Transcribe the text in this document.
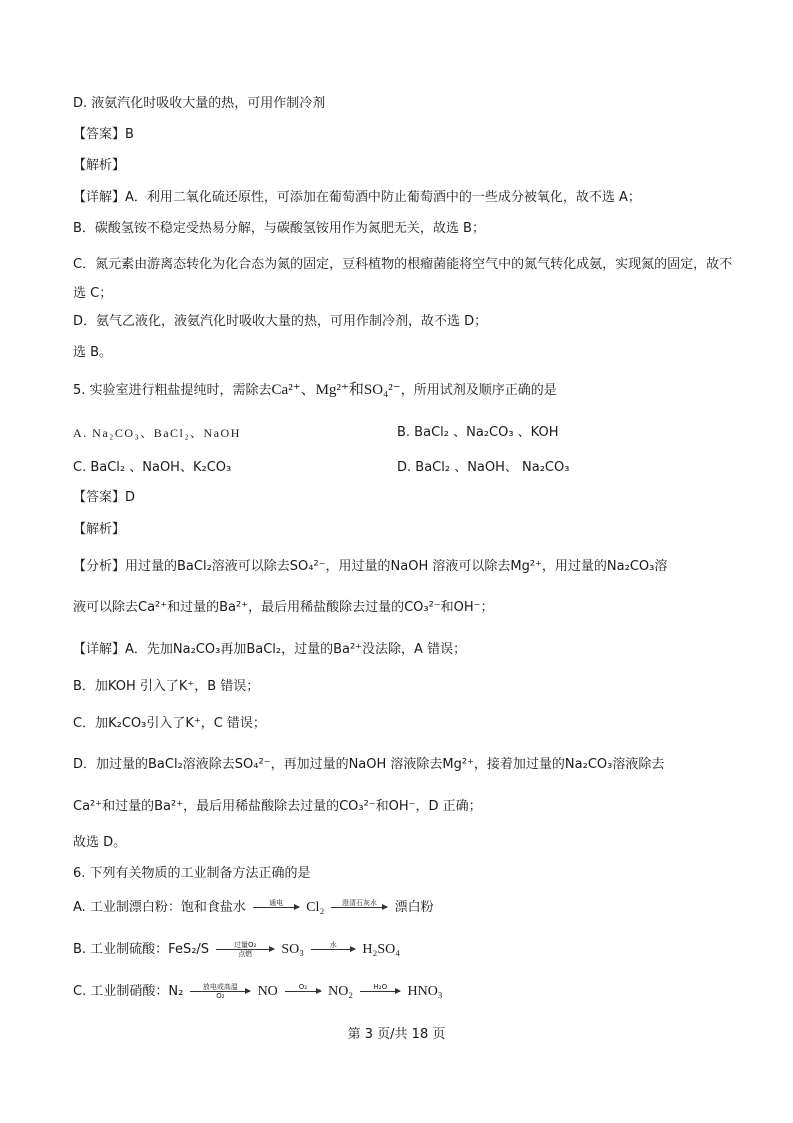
D. 液氨汽化时吸收大量的热，可用作制冷剂
【答案】B
【解析】
【详解】A．利用二氧化硫还原性，可添加在葡萄酒中防止葡萄酒中的一些成分被氧化，故不选 A；
B．碳酸氢铵不稳定受热易分解，与碳酸氢铵用作为氮肥无关，故选 B；
C．氮元素由游离态转化为化合态为氮的固定，豆科植物的根瘤菌能将空气中的氮气转化成氨，实现氮的固定，故不选 C；
D．氨气乙液化，液氨汽化时吸收大量的热，可用作制冷剂，故不选 D；
选 B。
5. 实验室进行粗盐提纯时，需除去Ca²⁺、Mg²⁺和SO₄²⁻，所用试剂及顺序正确的是
A. Na₂CO₃、BaCl₂、NaOH	B. BaCl₂ 、Na₂CO₃ 、KOH
C. BaCl₂ 、NaOH、K₂CO₃	D. BaCl₂ 、NaOH、 Na₂CO₃
【答案】D
【解析】
【分析】用过量的BaCl₂溶液可以除去SO₄²⁻，用过量的NaOH 溶液可以除去Mg²⁺，用过量的Na₂CO₃溶
液可以除去Ca²⁺和过量的Ba²⁺，最后用稀盐酸除去过量的CO₃²⁻和OH⁻；
【详解】A．先加Na₂CO₃再加BaCl₂，过量的Ba²⁺没法除，A 错误；
B．加KOH 引入了K⁺，B 错误；
C．加K₂CO₃引入了K⁺，C 错误；
D．加过量的BaCl₂溶液除去SO₄²⁻，再加过量的NaOH 溶液除去Mg²⁺，接着加过量的Na₂CO₃溶液除去
Ca²⁺和过量的Ba²⁺，最后用稀盐酸除去过量的CO₃²⁻和OH⁻，D 正确；
故选 D。
6. 下列有关物质的工业制备方法正确的是
A. 工业制漂白粉：饱和食盐水	通电
	Cl₂	澄清石灰水
	漂白粉
B. 工业制硫酸：FeS₂/S	过量O₂
点燃	SO₃	水
	H₂SO₄
C. 工业制硝酸：N₂	放电或高温
O₂	NO	O₂
	NO₂	H₂O
	HNO₃
第 3 页/共 18 页
